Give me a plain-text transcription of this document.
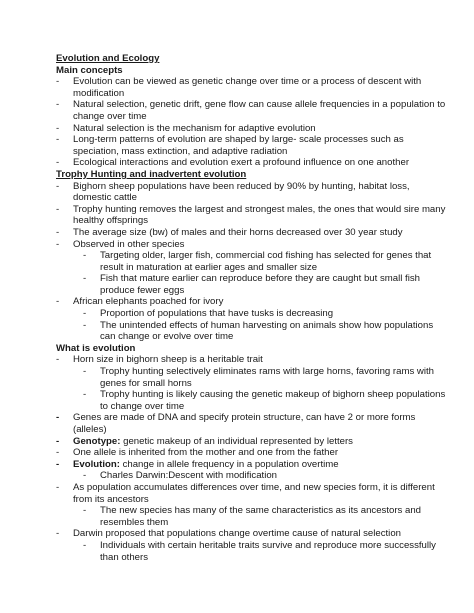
Evolution and Ecology
Main concepts
- Evolution can be viewed as genetic change over time or a process of descent with modification
- Natural selection, genetic drift, gene flow can cause allele frequencies in a population to change over time
- Natural selection is the mechanism for adaptive evolution
- Long-term patterns of evolution are shaped by large- scale processes such as speciation, mass extinction, and adaptive radiation
- Ecological interactions and evolution exert a profound influence on one another
Trophy Hunting and inadvertent evolution
- Bighorn sheep populations have been reduced by 90% by hunting, habitat loss, domestic cattle
- Trophy hunting removes the largest and strongest males, the ones that would sire many healthy offsprings
- The average size (bw) of males and their horns decreased over 30 year study
- Observed in other species
- Targeting older, larger fish, commercial cod fishing has selected for genes that result in maturation at earlier ages and smaller size
- Fish that mature earlier can reproduce before they are caught but small fish produce fewer eggs
- African elephants poached for ivory
- Proportion of populations that have tusks is decreasing
- The unintended effects of human harvesting on animals show how populations can change or evolve over time
What is evolution
- Horn size in bighorn sheep is a heritable trait
- Trophy hunting selectively eliminates rams with large horns, favoring rams with genes for small horns
- Trophy hunting is likely causing the genetic makeup of bighorn sheep populations to change over time
- Genes are made of DNA and specify protein structure, can have 2 or more forms (alleles)
- Genotype: genetic makeup of an individual represented by letters
- One allele is inherited from the mother and one from the father
- Evolution: change in allele frequency in a population overtime
- Charles Darwin:Descent with modification
- As population accumulates differences over time, and new species form, it is different from its ancestors
- The new species has many of the same characteristics as its ancestors and resembles them
- Darwin proposed that populations change overtime cause of natural selection
- Individuals with certain heritable traits survive and reproduce more successfully than others
